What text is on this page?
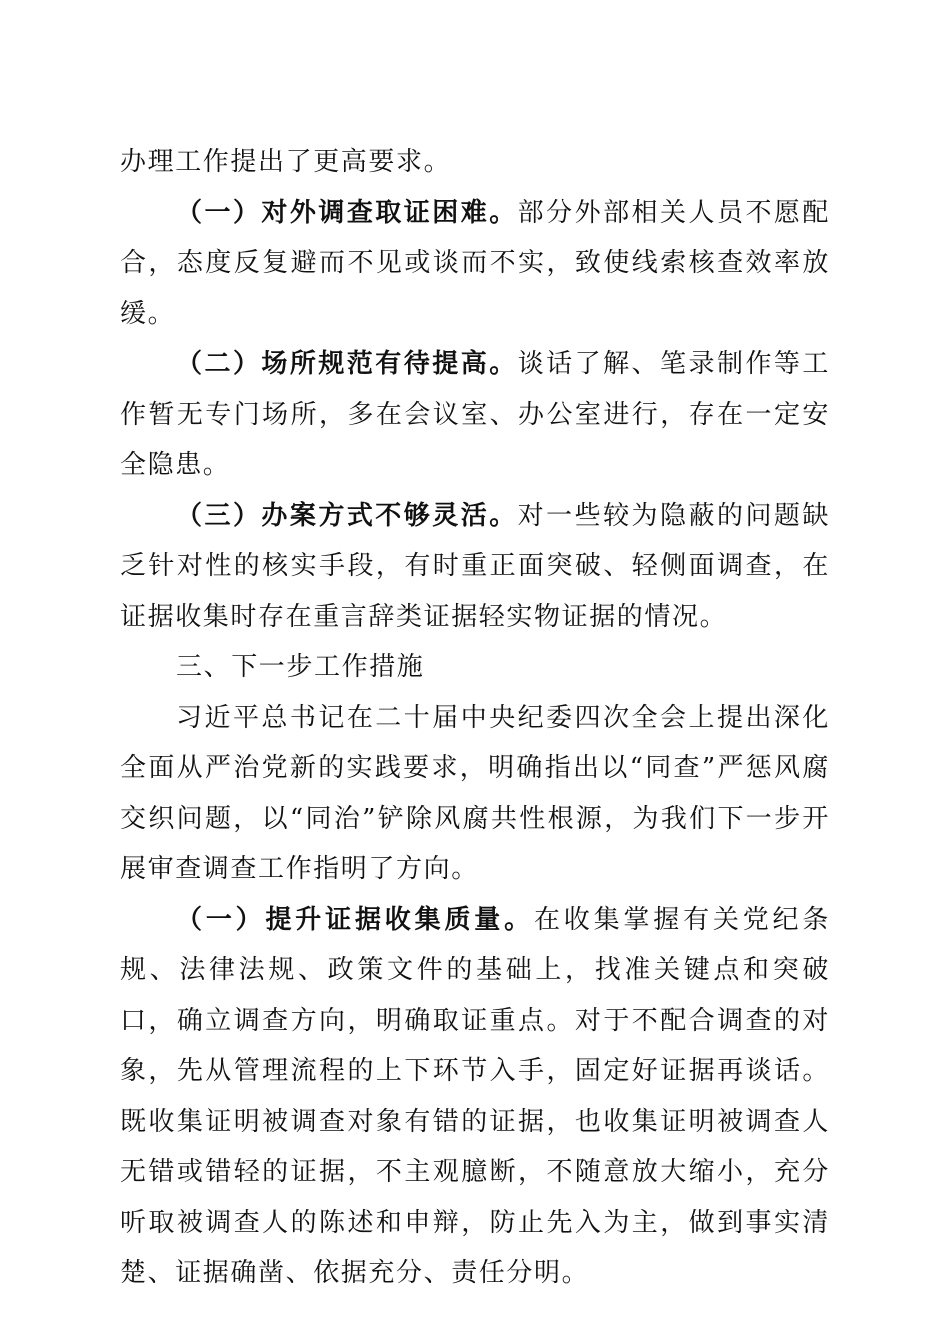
办理工作提出了更高要求。

（一）对外调查取证困难。部分外部相关人员不愿配合，态度反复避而不见或谈而不实，致使线索核查效率放缓。

（二）场所规范有待提高。谈话了解、笔录制作等工作暂无专门场所，多在会议室、办公室进行，存在一定安全隐患。

（三）办案方式不够灵活。对一些较为隐蔽的问题缺乏针对性的核实手段，有时重正面突破、轻侧面调查，在证据收集时存在重言辞类证据轻实物证据的情况。

三、下一步工作措施

习近平总书记在二十届中央纪委四次全会上提出深化全面从严治党新的实践要求，明确指出以“同查”严惩风腐交织问题，以“同治”铲除风腐共性根源，为我们下一步开展审查调查工作指明了方向。

（一）提升证据收集质量。在收集掌握有关党纪条规、法律法规、政策文件的基础上，找准关键点和突破口，确立调查方向，明确取证重点。对于不配合调查的对象，先从管理流程的上下环节入手，固定好证据再谈话。既收集证明被调查对象有错的证据，也收集证明被调查人无错或错轻的证据，不主观臆断，不随意放大缩小，充分听取被调查人的陈述和申辩，防止先入为主，做到事实清楚、证据确凿、依据充分、责任分明。
